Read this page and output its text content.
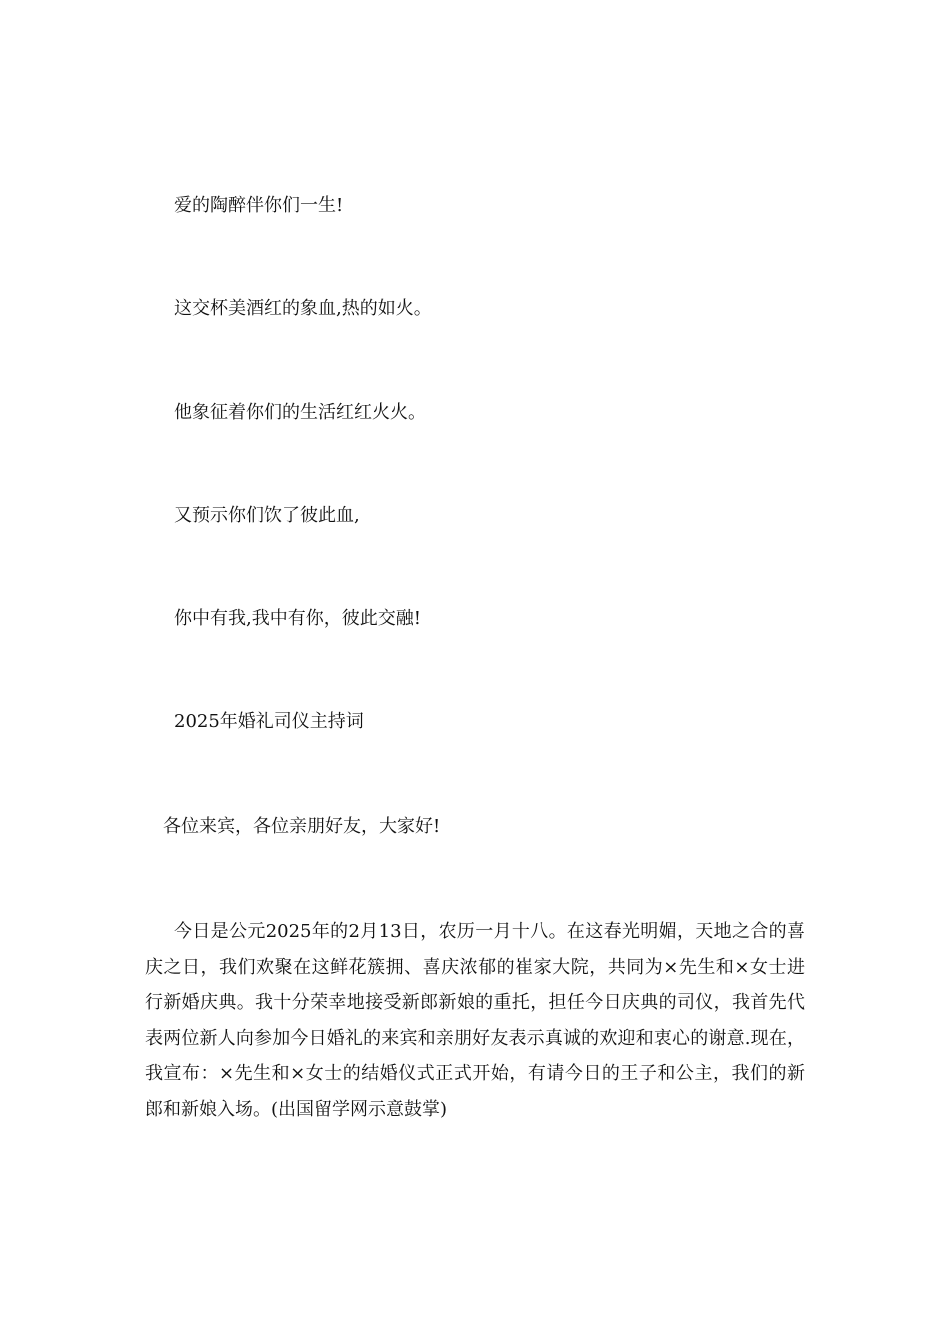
爱的陶醉伴你们一生!
这交杯美酒红的象血,热的如火。
他象征着你们的生活红红火火。
又预示你们饮了彼此血,
你中有我,我中有你，彼此交融!
2025年婚礼司仪主持词
各位来宾，各位亲朋好友，大家好!
今日是公元2025年的2月13日，农历一月十八。在这春光明媚，天地之合的喜庆之日，我们欢聚在这鲜花簇拥、喜庆浓郁的崔家大院，共同为×先生和×女士进行新婚庆典。我十分荣幸地接受新郎新娘的重托，担任今日庆典的司仪，我首先代表两位新人向参加今日婚礼的来宾和亲朋好友表示真诚的欢迎和衷心的谢意.现在，我宣布：×先生和×女士的结婚仪式正式开始，有请今日的王子和公主，我们的新郎和新娘入场。(出国留学网示意鼓掌)
